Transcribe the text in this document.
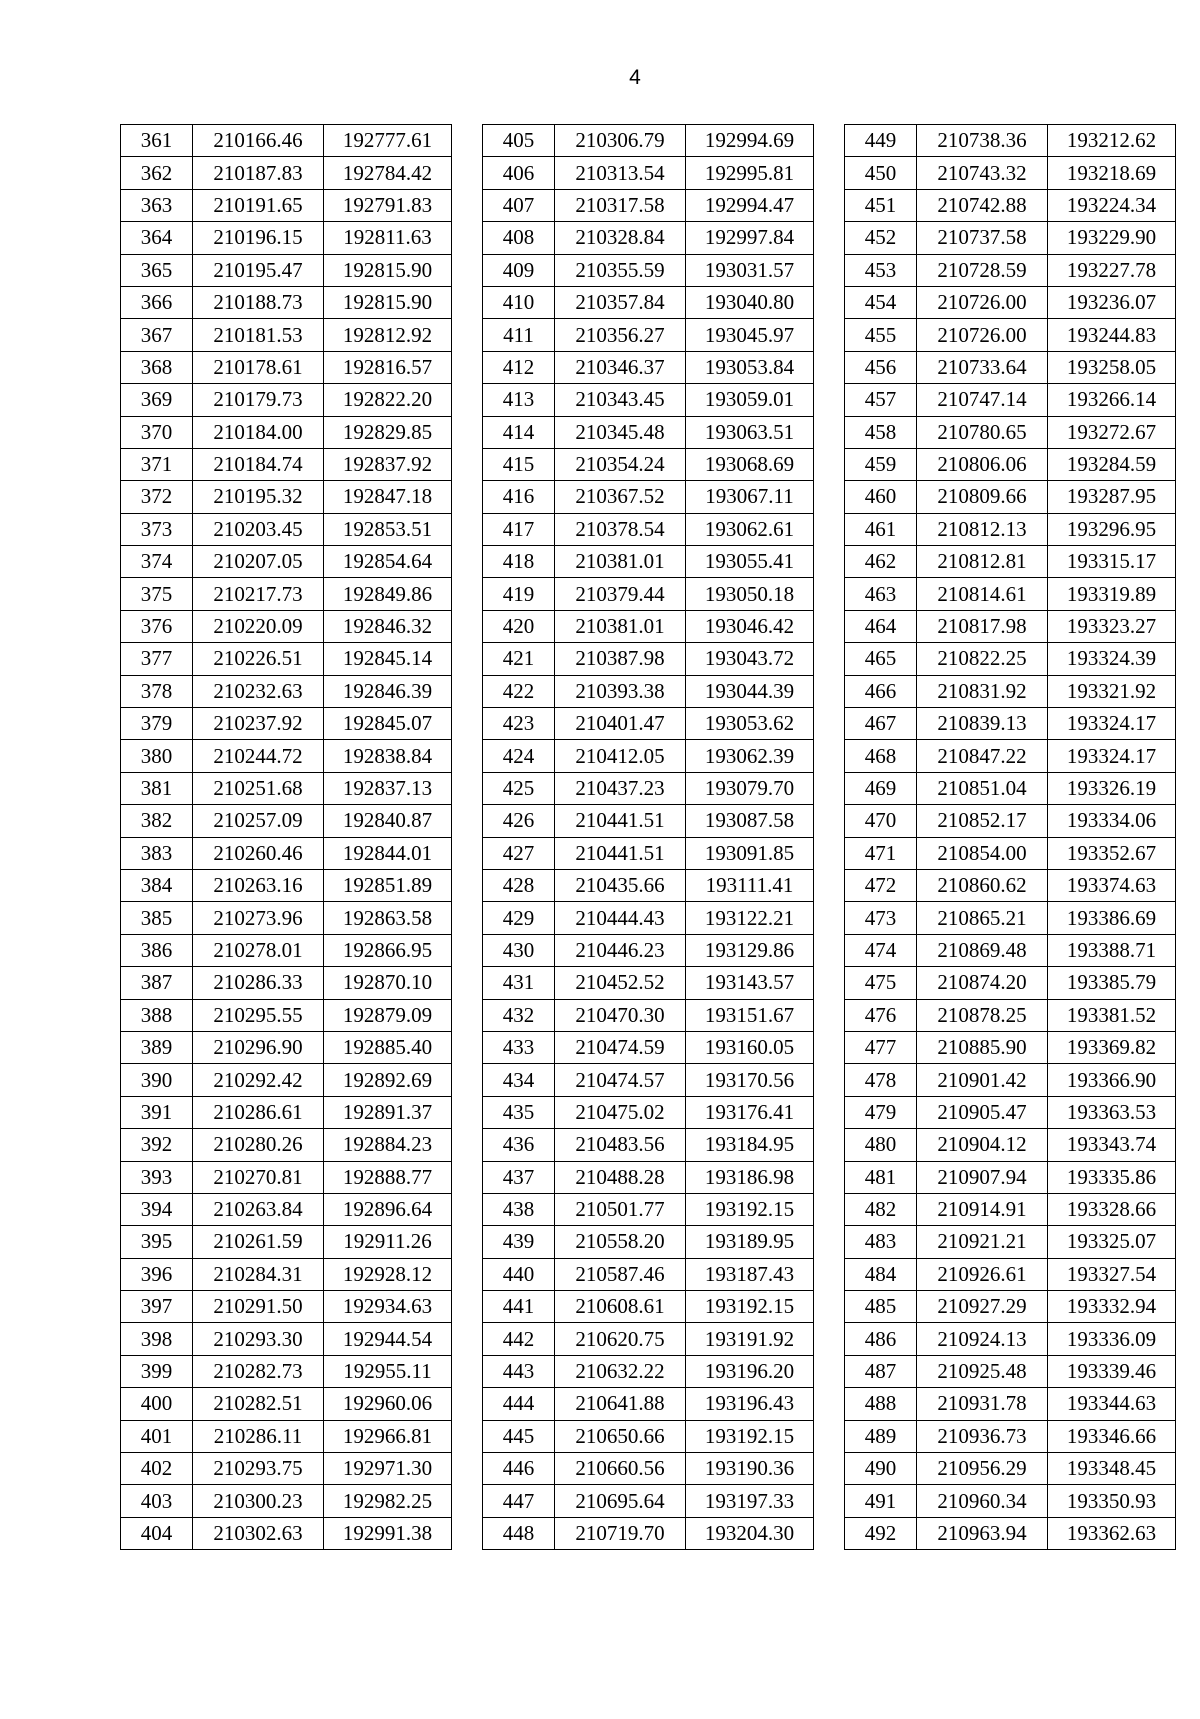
4
361	210166.46	192777.61
362	210187.83	192784.42
363	210191.65	192791.83
364	210196.15	192811.63
365	210195.47	192815.90
366	210188.73	192815.90
367	210181.53	192812.92
368	210178.61	192816.57
369	210179.73	192822.20
370	210184.00	192829.85
371	210184.74	192837.92
372	210195.32	192847.18
373	210203.45	192853.51
374	210207.05	192854.64
375	210217.73	192849.86
376	210220.09	192846.32
377	210226.51	192845.14
378	210232.63	192846.39
379	210237.92	192845.07
380	210244.72	192838.84
381	210251.68	192837.13
382	210257.09	192840.87
383	210260.46	192844.01
384	210263.16	192851.89
385	210273.96	192863.58
386	210278.01	192866.95
387	210286.33	192870.10
388	210295.55	192879.09
389	210296.90	192885.40
390	210292.42	192892.69
391	210286.61	192891.37
392	210280.26	192884.23
393	210270.81	192888.77
394	210263.84	192896.64
395	210261.59	192911.26
396	210284.31	192928.12
397	210291.50	192934.63
398	210293.30	192944.54
399	210282.73	192955.11
400	210282.51	192960.06
401	210286.11	192966.81
402	210293.75	192971.30
403	210300.23	192982.25
404	210302.63	192991.38
405	210306.79	192994.69
406	210313.54	192995.81
407	210317.58	192994.47
408	210328.84	192997.84
409	210355.59	193031.57
410	210357.84	193040.80
411	210356.27	193045.97
412	210346.37	193053.84
413	210343.45	193059.01
414	210345.48	193063.51
415	210354.24	193068.69
416	210367.52	193067.11
417	210378.54	193062.61
418	210381.01	193055.41
419	210379.44	193050.18
420	210381.01	193046.42
421	210387.98	193043.72
422	210393.38	193044.39
423	210401.47	193053.62
424	210412.05	193062.39
425	210437.23	193079.70
426	210441.51	193087.58
427	210441.51	193091.85
428	210435.66	193111.41
429	210444.43	193122.21
430	210446.23	193129.86
431	210452.52	193143.57
432	210470.30	193151.67
433	210474.59	193160.05
434	210474.57	193170.56
435	210475.02	193176.41
436	210483.56	193184.95
437	210488.28	193186.98
438	210501.77	193192.15
439	210558.20	193189.95
440	210587.46	193187.43
441	210608.61	193192.15
442	210620.75	193191.92
443	210632.22	193196.20
444	210641.88	193196.43
445	210650.66	193192.15
446	210660.56	193190.36
447	210695.64	193197.33
448	210719.70	193204.30
449	210738.36	193212.62
450	210743.32	193218.69
451	210742.88	193224.34
452	210737.58	193229.90
453	210728.59	193227.78
454	210726.00	193236.07
455	210726.00	193244.83
456	210733.64	193258.05
457	210747.14	193266.14
458	210780.65	193272.67
459	210806.06	193284.59
460	210809.66	193287.95
461	210812.13	193296.95
462	210812.81	193315.17
463	210814.61	193319.89
464	210817.98	193323.27
465	210822.25	193324.39
466	210831.92	193321.92
467	210839.13	193324.17
468	210847.22	193324.17
469	210851.04	193326.19
470	210852.17	193334.06
471	210854.00	193352.67
472	210860.62	193374.63
473	210865.21	193386.69
474	210869.48	193388.71
475	210874.20	193385.79
476	210878.25	193381.52
477	210885.90	193369.82
478	210901.42	193366.90
479	210905.47	193363.53
480	210904.12	193343.74
481	210907.94	193335.86
482	210914.91	193328.66
483	210921.21	193325.07
484	210926.61	193327.54
485	210927.29	193332.94
486	210924.13	193336.09
487	210925.48	193339.46
488	210931.78	193344.63
489	210936.73	193346.66
490	210956.29	193348.45
491	210960.34	193350.93
492	210963.94	193362.63
